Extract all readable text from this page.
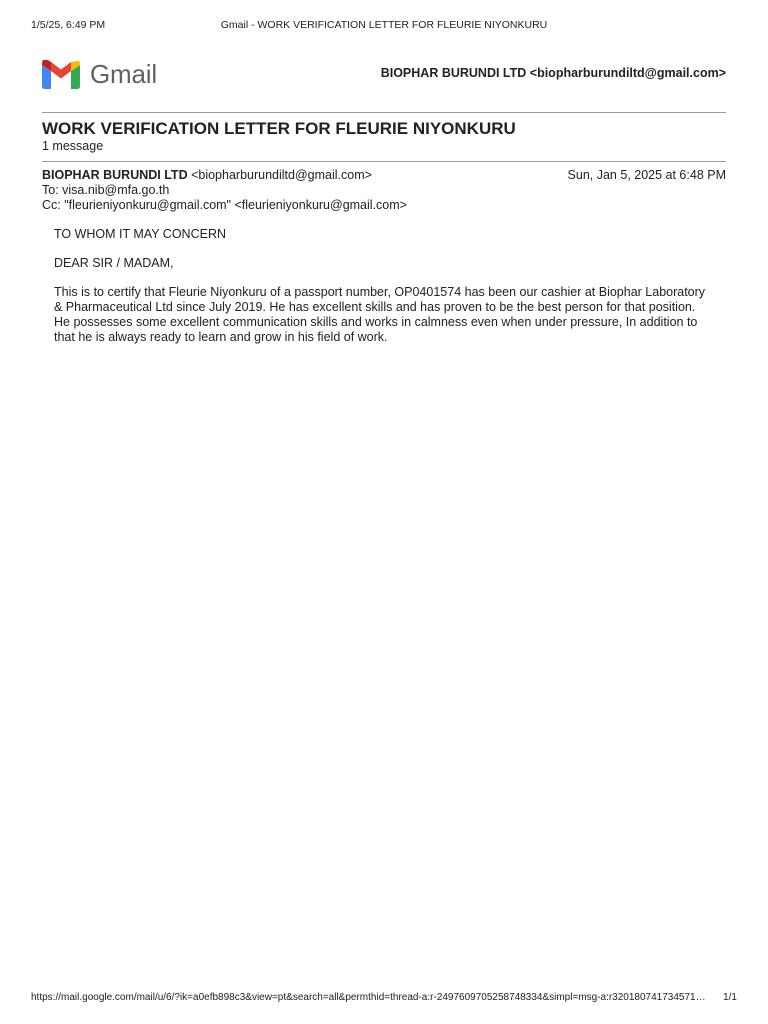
1/5/25, 6:49 PM	Gmail - WORK VERIFICATION LETTER FOR FLEURIE NIYONKURU
Gmail	BIOPHAR BURUNDI LTD <biopharburundiltd@gmail.com>
WORK VERIFICATION LETTER FOR FLEURIE NIYONKURU
1 message
BIOPHAR BURUNDI LTD <biopharburundiltd@gmail.com>	Sun, Jan 5, 2025 at 6:48 PM
To: visa.nib@mfa.go.th
Cc: "fleurieniyonkuru@gmail.com" <fleurieniyonkuru@gmail.com>

TO WHOM IT MAY CONCERN

DEAR SIR / MADAM,

This is to certify that Fleurie Niyonkuru of a passport number, OP0401574 has been our cashier at Biophar Laboratory & Pharmaceutical Ltd since July 2019. He has excellent skills and has proven to be the best person for that position. He possesses some excellent communication skills and works in calmness even when under pressure, In addition to that he is always ready to learn and grow in his field of work.

https://mail.google.com/mail/u/6/?ik=a0efb898c3&view=pt&search=all&permthid=thread-a:r-2497609705258748334&simpl=msg-a:r320180741734571…	1/1
